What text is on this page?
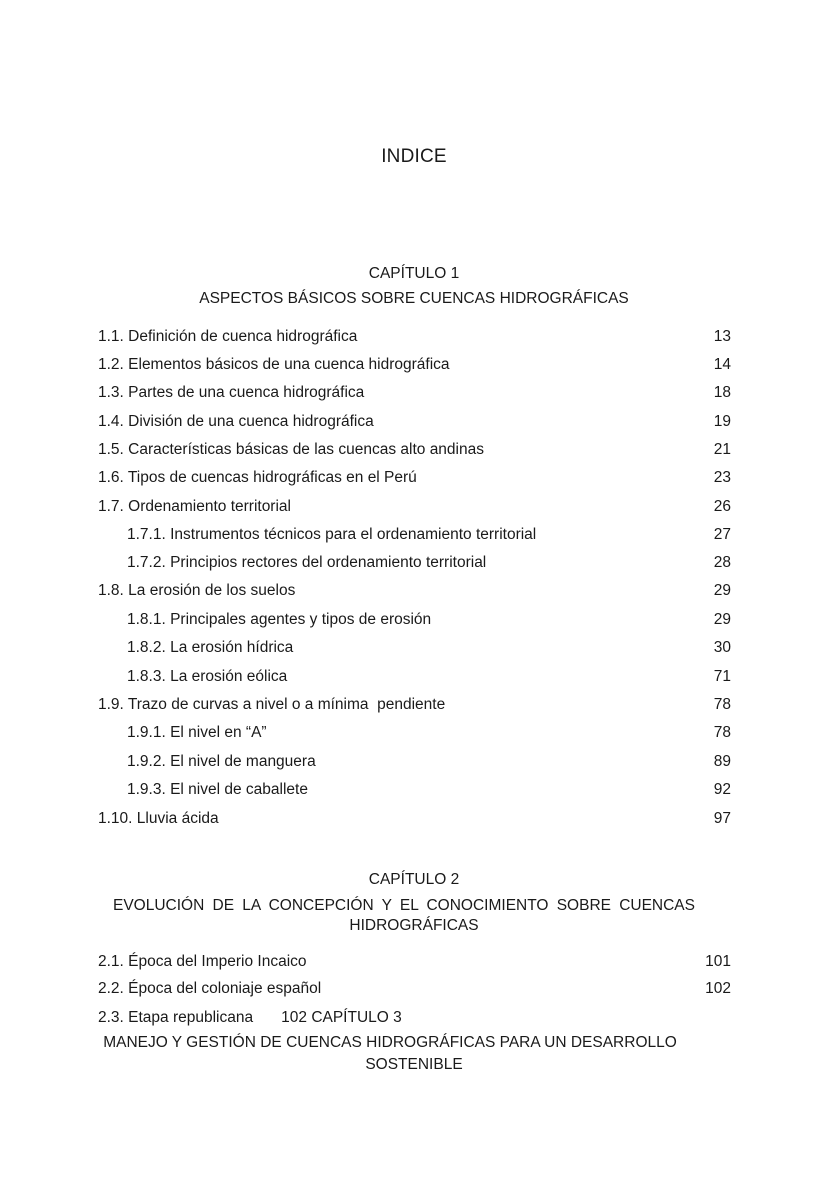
INDICE
CAPÍTULO 1
ASPECTOS BÁSICOS SOBRE CUENCAS HIDROGRÁFICAS
1.1. Definición de cuenca hidrográfica	13
1.2. Elementos básicos de una cuenca hidrográfica	14
1.3. Partes de una cuenca hidrográfica	18
1.4. División de una cuenca hidrográfica	19
1.5. Características básicas de las cuencas alto andinas	21
1.6. Tipos de cuencas hidrográficas en el Perú	23
1.7. Ordenamiento territorial	26
1.7.1. Instrumentos técnicos para el ordenamiento territorial	27
1.7.2. Principios rectores del ordenamiento territorial	28
1.8. La erosión de los suelos	29
1.8.1. Principales agentes y tipos de erosión	29
1.8.2. La erosión hídrica	30
1.8.3. La erosión eólica	71
1.9. Trazo de curvas a nivel o a mínima  pendiente	78
1.9.1. El nivel en “A”	78
1.9.2. El nivel de manguera	89
1.9.3. El nivel de caballete	92
1.10. Lluvia ácida	97
CAPÍTULO 2
EVOLUCIÓN DE LA CONCEPCIÓN Y EL CONOCIMIENTO SOBRE CUENCAS
HIDROGRÁFICAS
2.1. Época del Imperio Incaico	101
2.2. Época del coloniaje español	102
2.3. Etapa republicana 102 CAPÍTULO 3
MANEJO Y GESTIÓN DE CUENCAS HIDROGRÁFICAS PARA UN DESARROLLO
SOSTENIBLE
